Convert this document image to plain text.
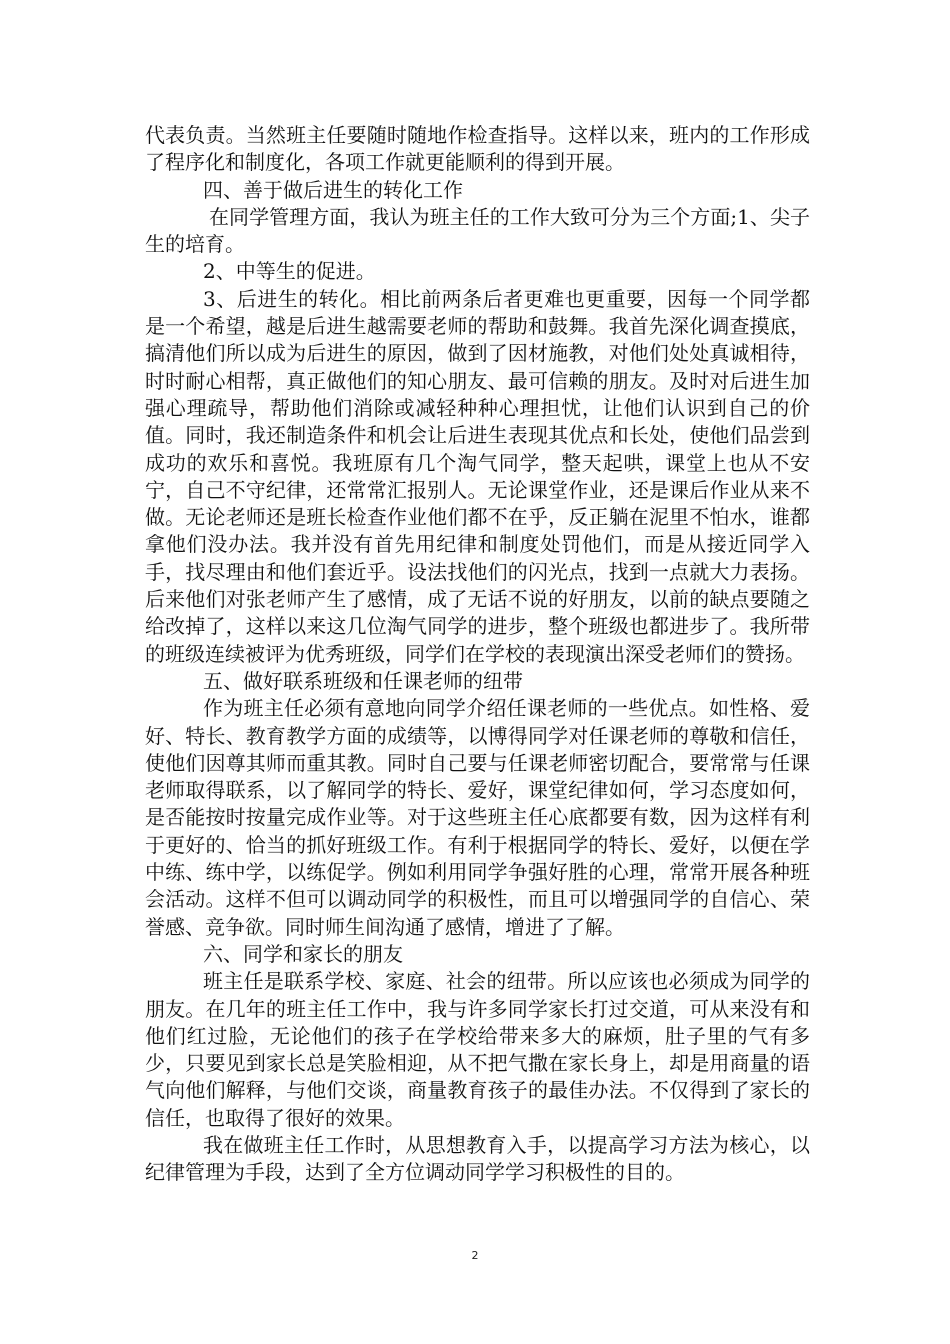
代表负责。当然班主任要随时随地作检查指导。这样以来，班内的工作形成了程序化和制度化，各项工作就更能顺利的得到开展。

四、善于做后进生的转化工作

在同学管理方面，我认为班主任的工作大致可分为三个方面;1、尖子生的培育。

2、中等生的促进。

3、后进生的转化。相比前两条后者更难也更重要，因每一个同学都是一个希望，越是后进生越需要老师的帮助和鼓舞。我首先深化调查摸底，搞清他们所以成为后进生的原因，做到了因材施教，对他们处处真诚相待，时时耐心相帮，真正做他们的知心朋友、最可信赖的朋友。及时对后进生加强心理疏导，帮助他们消除或减轻种种心理担忧，让他们认识到自己的价值。同时，我还制造条件和机会让后进生表现其优点和长处，使他们品尝到成功的欢乐和喜悦。我班原有几个淘气同学，整天起哄，课堂上也从不安宁，自己不守纪律，还常常汇报别人。无论课堂作业，还是课后作业从来不做。无论老师还是班长检查作业他们都不在乎，反正躺在泥里不怕水，谁都拿他们没办法。我并没有首先用纪律和制度处罚他们，而是从接近同学入手，找尽理由和他们套近乎。设法找他们的闪光点，找到一点就大力表扬。后来他们对张老师产生了感情，成了无话不说的好朋友，以前的缺点要随之给改掉了，这样以来这几位淘气同学的进步，整个班级也都进步了。我所带的班级连续被评为优秀班级，同学们在学校的表现演出深受老师们的赞扬。

五、做好联系班级和任课老师的纽带

作为班主任必须有意地向同学介绍任课老师的一些优点。如性格、爱好、特长、教育教学方面的成绩等，以博得同学对任课老师的尊敬和信任，使他们因尊其师而重其教。同时自己要与任课老师密切配合，要常常与任课老师取得联系，以了解同学的特长、爱好，课堂纪律如何，学习态度如何，是否能按时按量完成作业等。对于这些班主任心底都要有数，因为这样有利于更好的、恰当的抓好班级工作。有利于根据同学的特长、爱好，以便在学中练、练中学，以练促学。例如利用同学争强好胜的心理，常常开展各种班会活动。这样不但可以调动同学的积极性，而且可以增强同学的自信心、荣誉感、竞争欲。同时师生间沟通了感情，增进了了解。

六、同学和家长的朋友

班主任是联系学校、家庭、社会的纽带。所以应该也必须成为同学的朋友。在几年的班主任工作中，我与许多同学家长打过交道，可从来没有和他们红过脸，无论他们的孩子在学校给带来多大的麻烦，肚子里的气有多少，只要见到家长总是笑脸相迎，从不把气撒在家长身上，却是用商量的语气向他们解释，与他们交谈，商量教育孩子的最佳办法。不仅得到了家长的信任，也取得了很好的效果。

我在做班主任工作时，从思想教育入手，以提高学习方法为核心，以纪律管理为手段，达到了全方位调动同学学习积极性的目的。

2
